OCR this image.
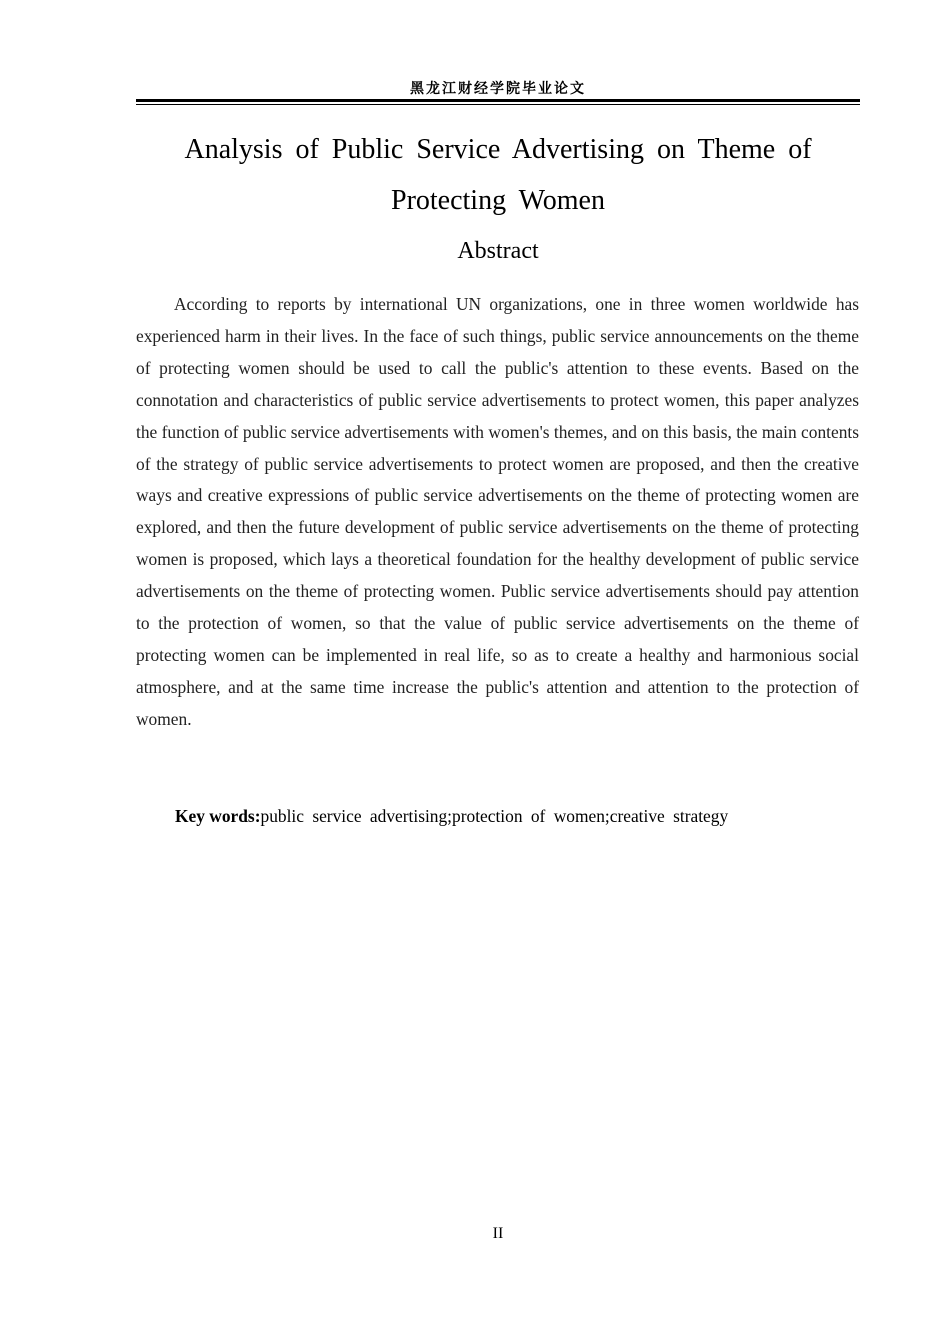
黑龙江财经学院毕业论文
Analysis of Public Service Advertising on Theme of
Protecting Women
Abstract

According to reports by international UN organizations, one in three women worldwide has experienced harm in their lives. In the face of such things, public service announcements on the theme of protecting women should be used to call the public's attention to these events. Based on the connotation and characteristics of public service advertisements to protect women, this paper analyzes the function of public service advertisements with women's themes, and on this basis, the main contents of the strategy of public service advertisements to protect women are proposed, and then the creative ways and creative expressions of public service advertisements on the theme of protecting women are explored, and then the future development of public service advertisements on the theme of protecting women is proposed, which lays a theoretical foundation for the healthy development of public service advertisements on the theme of protecting women. Public service advertisements should pay attention to the protection of women, so that the value of public service advertisements on the theme of protecting women can be implemented in real life, so as to create a healthy and harmonious social atmosphere, and at the same time increase the public's attention and attention to the protection of women.

Key words:public service advertising;protection of women;creative strategy

II
